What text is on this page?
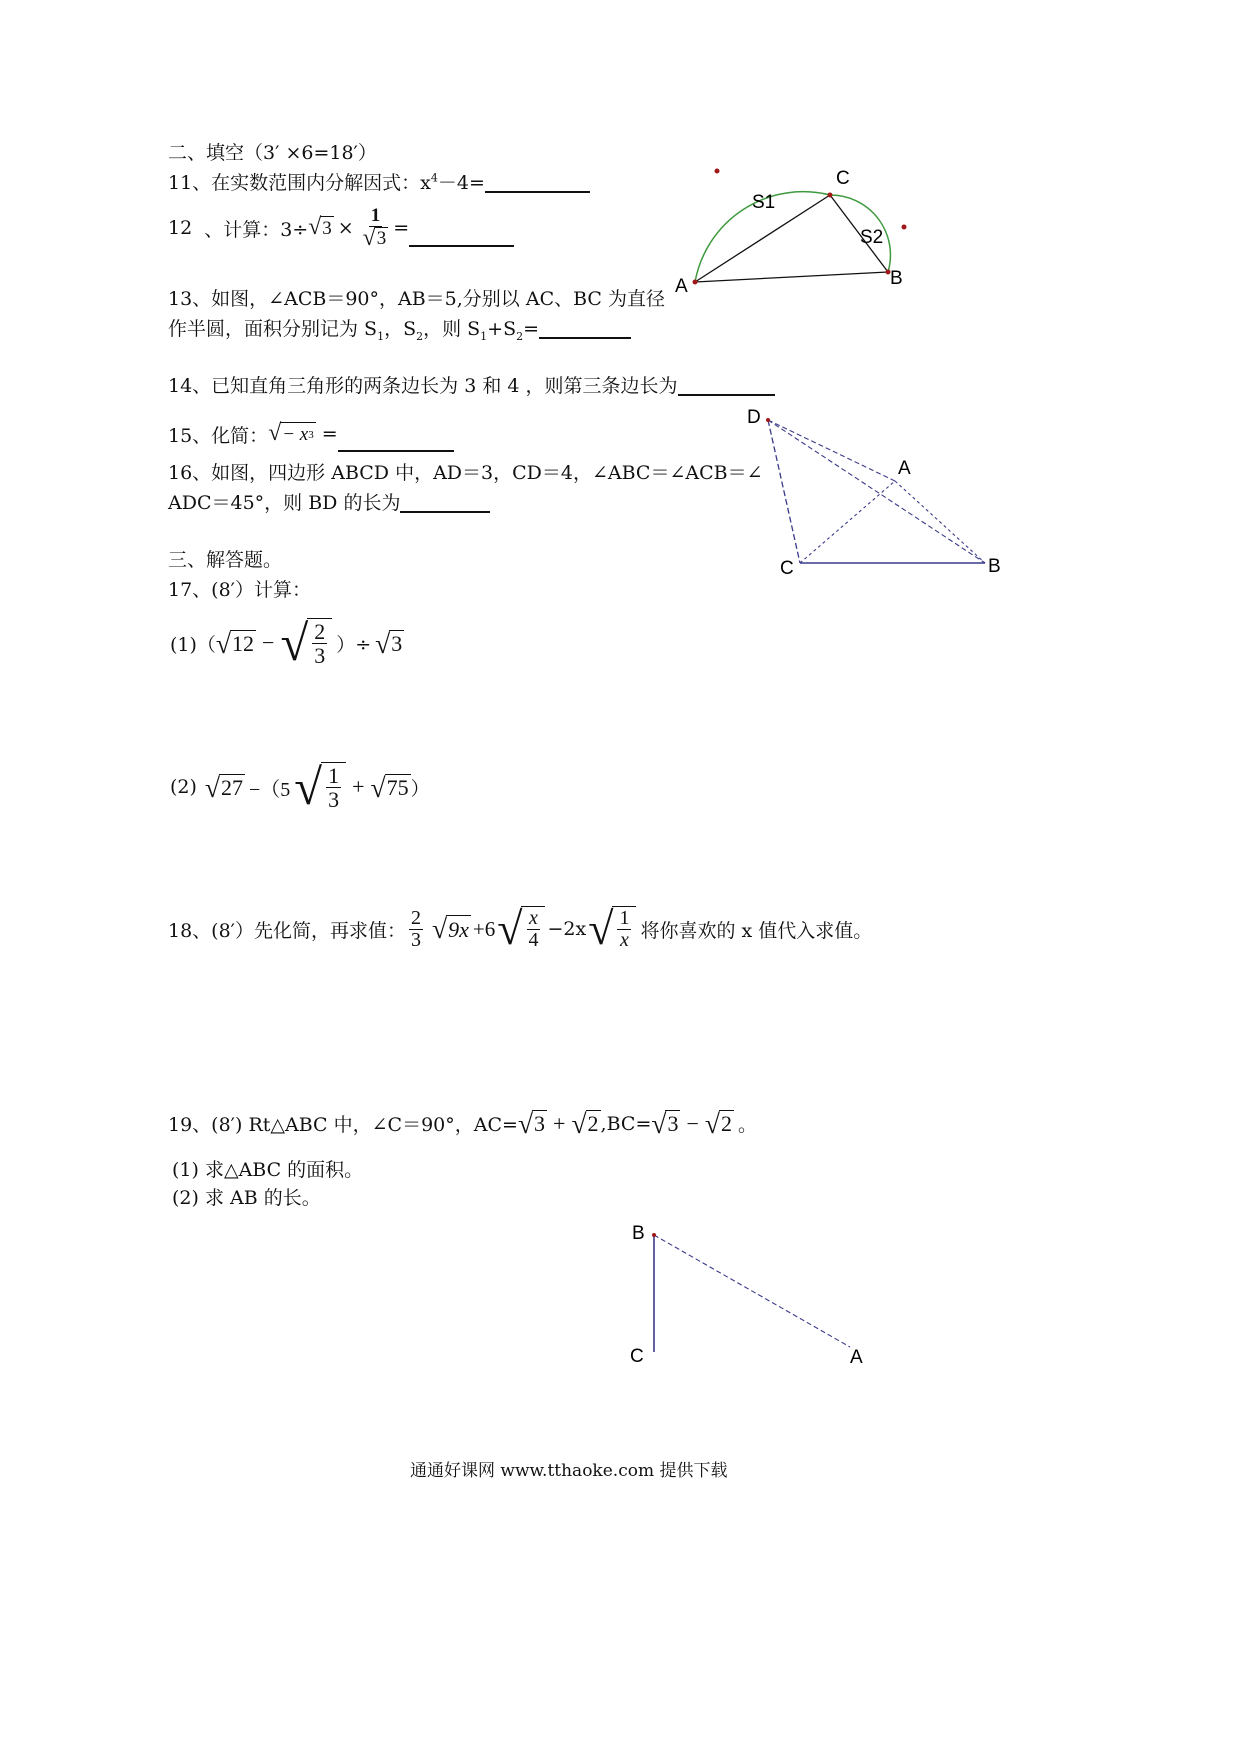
二、填空（3′ ×6=18′）
11、在实数范围内分解因式：$x^4-4=$
12 、计算：3÷ √ $3 \times \frac{1}{√ 3}$ =
13、如图，∠ACB＝90°，AB＝5,分别以 AC、BC 为直径
作半圆，面积分别记为 $S_1$，$S_2$，则 $S_1+S_2=$
14、已知直角三角形的两条边长为 3 和 4 ，则第三条边长为
15、化简： √ − x 3 =
16、如图，四边形 ABCD 中，AD＝3，CD＝4，∠ABC＝∠ACB＝∠
ADC＝45°，则 BD 的长为
三、解答题。
17、(8′）计算：
(1)（ √ 12 − √ $\frac{2}{3}$ ）÷ √ 3
(2) √ 27 −（5 √ $\frac{1}{3}$ + √ 75 ）
18、(8′）先化简，再求值： $\frac{2}{3}$ √ 9x +6 √ $\frac{x}{4} -2x$ √ $\frac{1}{x}$ 将你喜欢的 x 值代入求值。
19、(8′) Rt△ABC 中，∠C＝90°，AC= √ 3 + √ 2 ,BC= √ 3 − √ 2 。
(1) 求△ABC 的面积。
(2) 求 AB 的长。
C
A	B
S1
S2
D
A
C	B
B
C	A
通通好课网 www.tthaoke.com 提供下载
